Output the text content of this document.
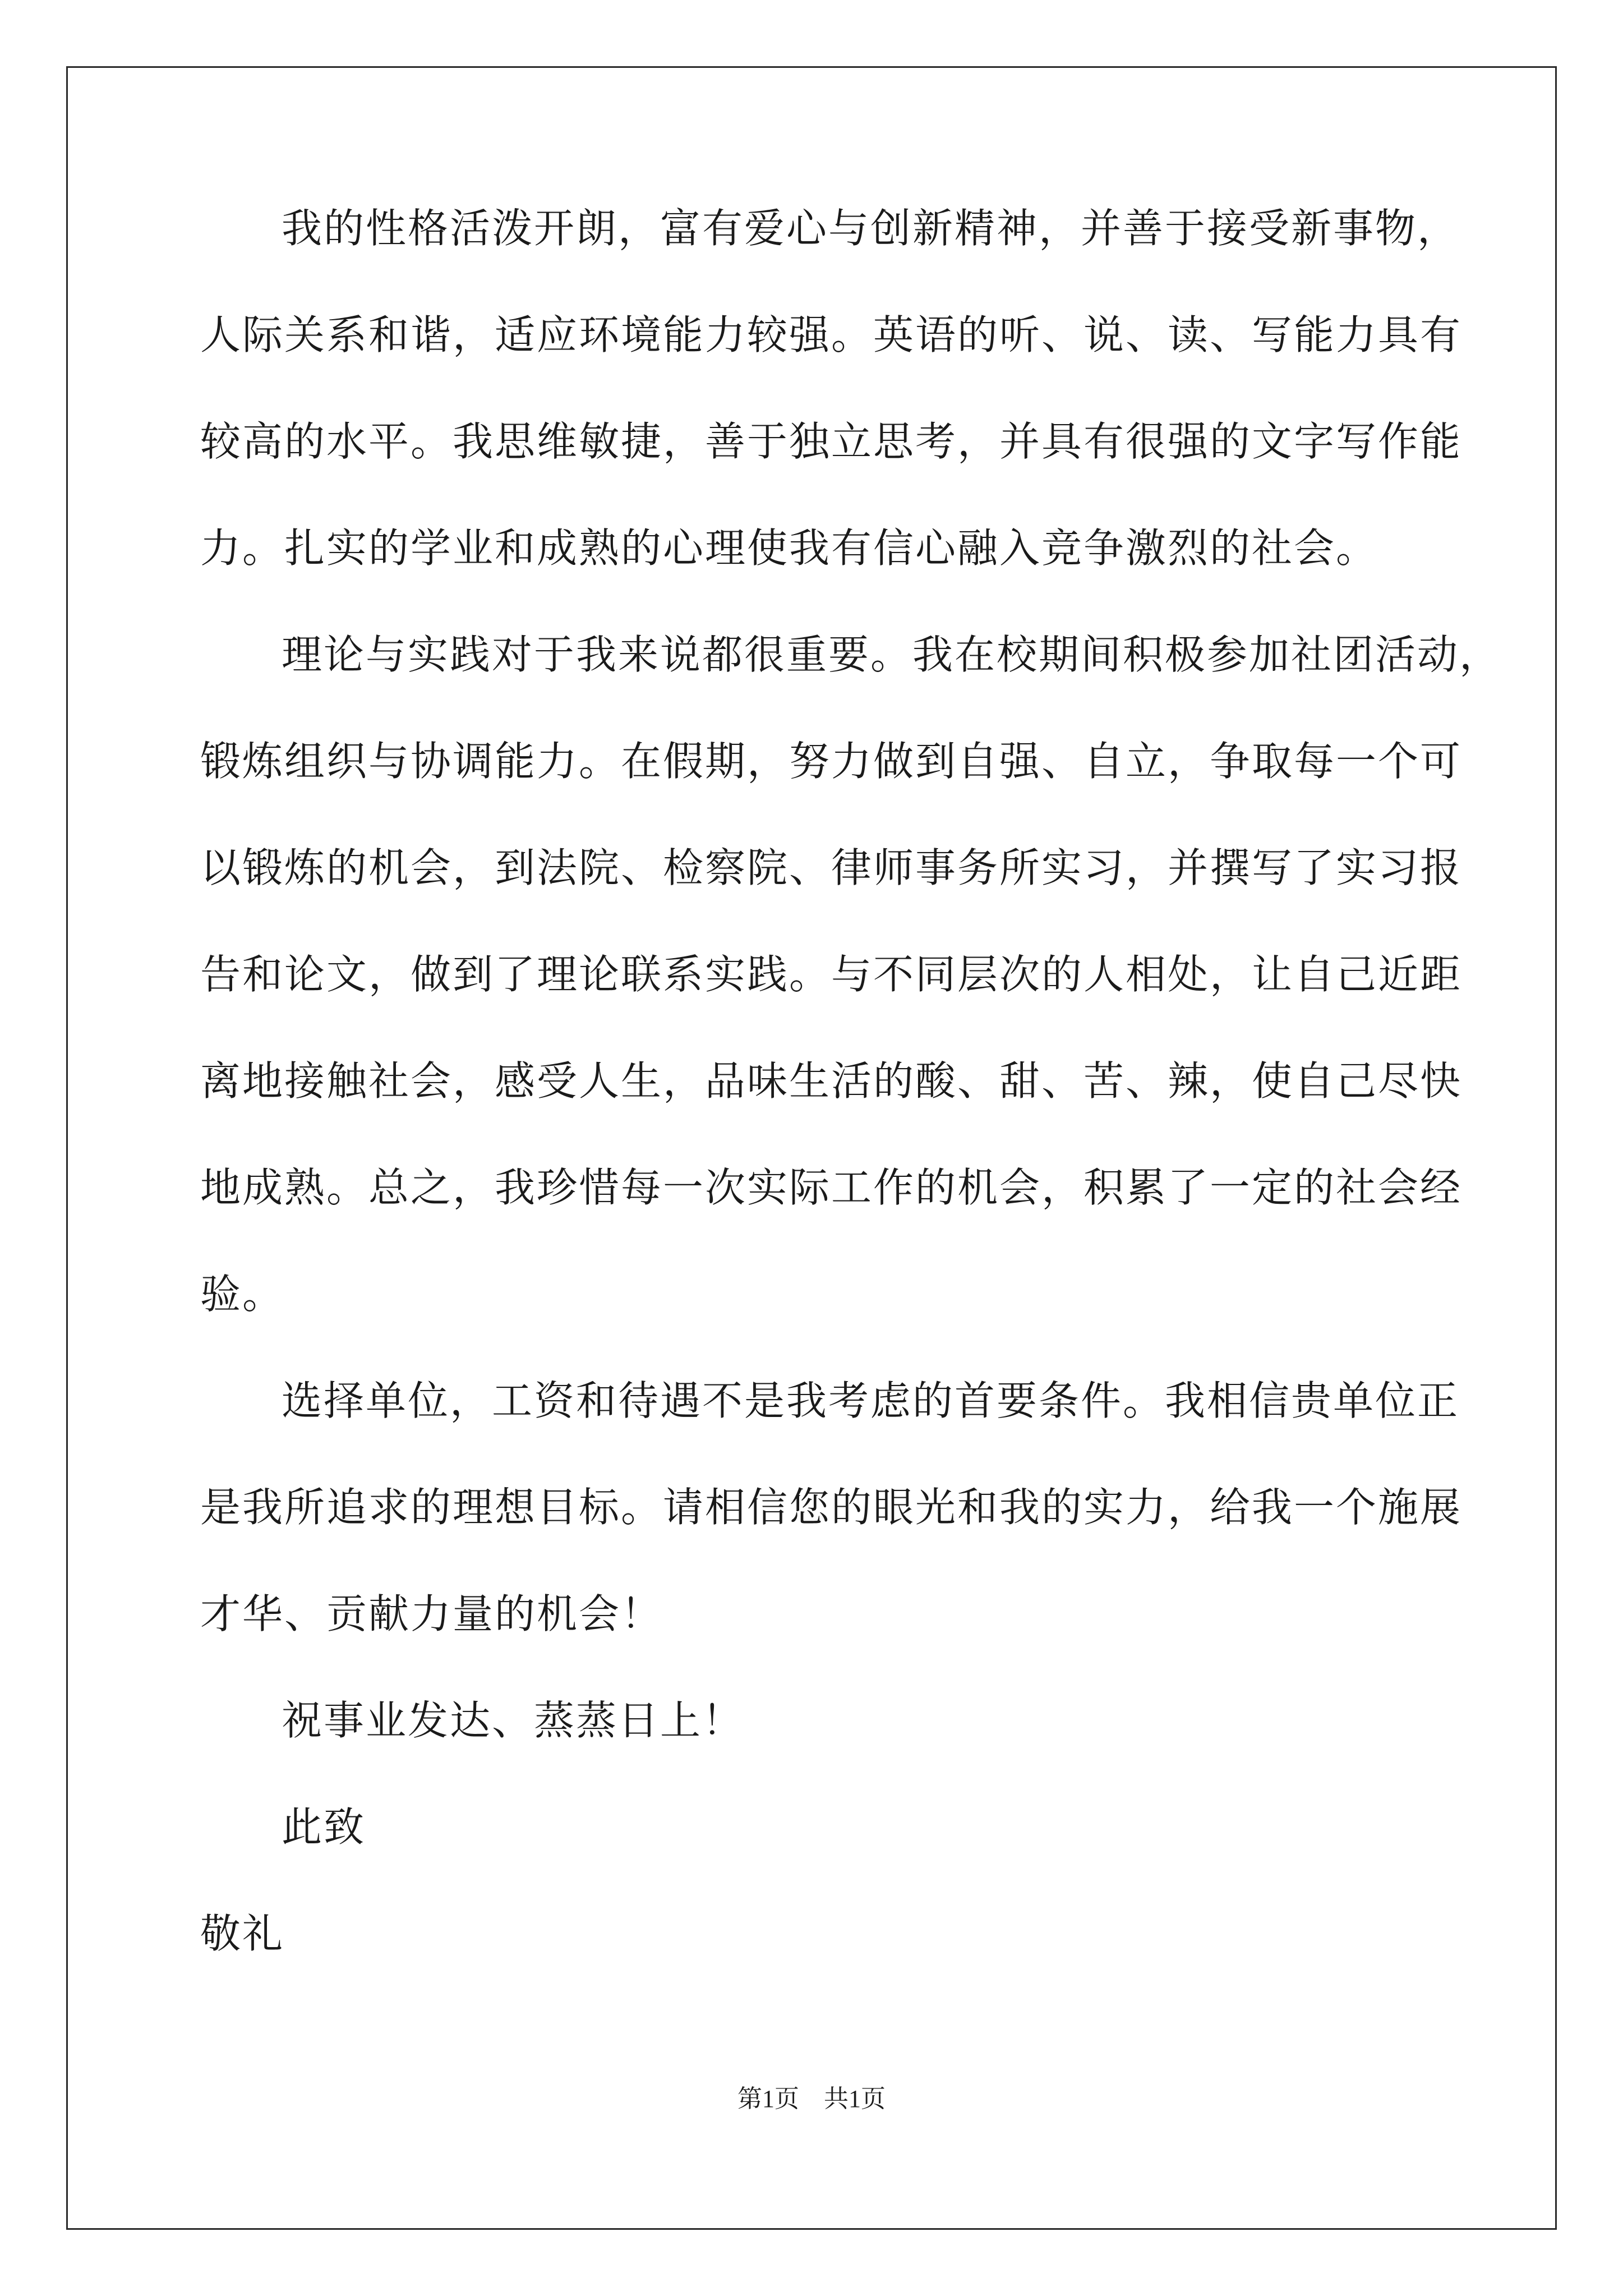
我的性格活泼开朗，富有爱心与创新精神，并善于接受新事物，
人际关系和谐，适应环境能力较强。英语的听、说、读、写能力具有
较高的水平。我思维敏捷，善于独立思考，并具有很强的文字写作能
力。扎实的学业和成熟的心理使我有信心融入竞争激烈的社会。
理论与实践对于我来说都很重要。我在校期间积极参加社团活动，
锻炼组织与协调能力。在假期，努力做到自强、自立，争取每一个可
以锻炼的机会，到法院、检察院、律师事务所实习，并撰写了实习报
告和论文，做到了理论联系实践。与不同层次的人相处，让自己近距
离地接触社会，感受人生，品味生活的酸、甜、苦、辣，使自己尽快
地成熟。总之，我珍惜每一次实际工作的机会，积累了一定的社会经
验。
选择单位，工资和待遇不是我考虑的首要条件。我相信贵单位正
是我所追求的理想目标。请相信您的眼光和我的实力，给我一个施展
才华、贡献力量的机会！
祝事业发达、蒸蒸日上！
此致
敬礼
第1页 共1页
